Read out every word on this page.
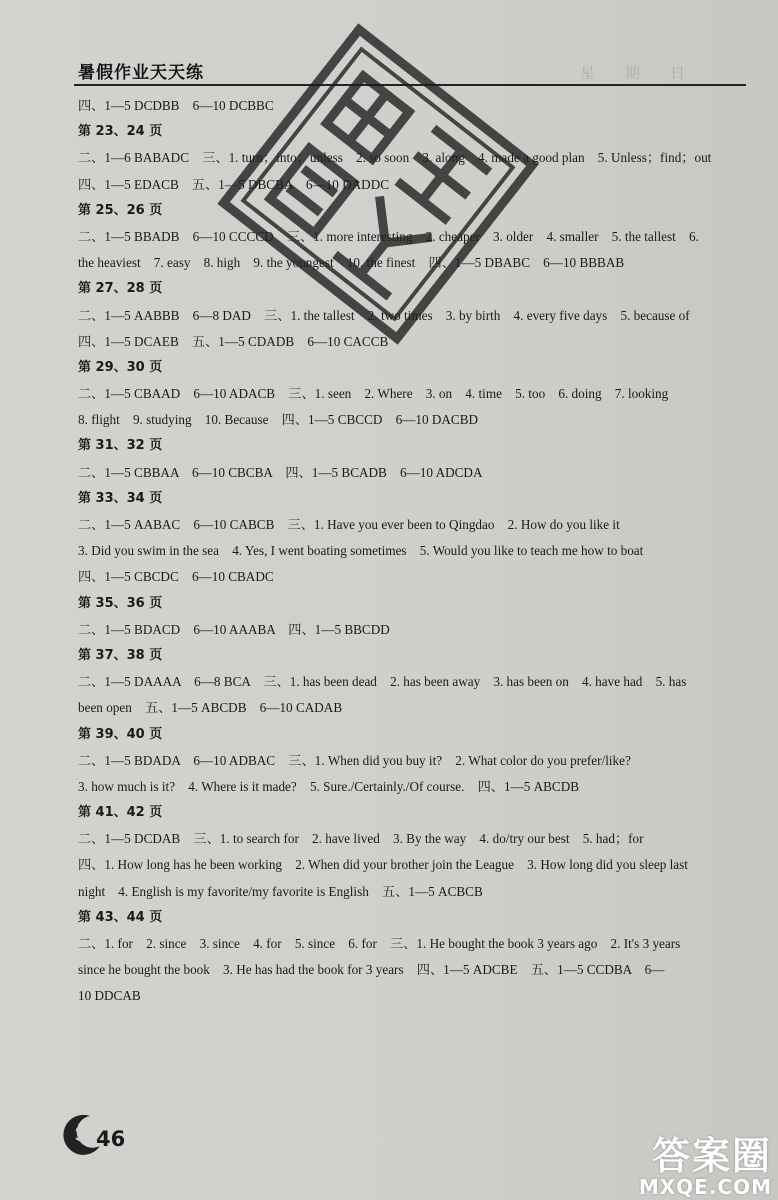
星　　期　　日
暑假作业天天练
四、1—5 DCDBB　6—10 DCBBC
第 23、24 页
二、1—6 BABADC　三、1. turn；into；unless　2. so soon　3. along　4. made a good plan　5. Unless；find；out
四、1—5 EDACB　五、1—5 DBCBA　6—10 DADDC
第 25、26 页
二、1—5 BBADB　6—10 CCCCD　三、1. more interesting　2. cheaper　3. older　4. smaller　5. the tallest　6.
the heaviest　7. easy　8. high　9. the youngest　10. the finest　四、1—5 DBABC　6—10 BBBAB
第 27、28 页
二、1—5 AABBB　6—8 DAD　三、1. the tallest　2. two times　3. by birth　4. every five days　5. because of
四、1—5 DCAEB　五、1—5 CDADB　6—10 CACCB
第 29、30 页
二、1—5 CBAAD　6—10 ADACB　三、1. seen　2. Where　3. on　4. time　5. too　6. doing　7. looking
8. flight　9. studying　10. Because　四、1—5 CBCCD　6—10 DACBD
第 31、32 页
二、1—5 CBBAA　6—10 CBCBA　四、1—5 BCADB　6—10 ADCDA
第 33、34 页
二、1—5 AABAC　6—10 CABCB　三、1. Have you ever been to Qingdao　2. How do you like it
3. Did you swim in the sea　4. Yes, I went boating sometimes　5. Would you like to teach me how to boat
四、1—5 CBCDC　6—10 CBADC
第 35、36 页
二、1—5 BDACD　6—10 AAABA　四、1—5 BBCDD
第 37、38 页
二、1—5 DAAAA　6—8 BCA　三、1. has been dead　2. has been away　3. has been on　4. have had　5. has
been open　五、1—5 ABCDB　6—10 CADAB
第 39、40 页
二、1—5 BDADA　6—10 ADBAC　三、1. When did you buy it?　2. What color do you prefer/like?
3. how much is it?　4. Where is it made?　5. Sure./Certainly./Of course.　四、1—5 ABCDB
第 41、42 页
二、1—5 DCDAB　三、1. to search for　2. have lived　3. By the way　4. do/try our best　5. had；for
四、1. How long has he been working　2. When did your brother join the League　3. How long did you sleep last
night　4. English is my favorite/my favorite is English　五、1—5 ACBCB
第 43、44 页
二、1. for　2. since　3. since　4. for　5. since　6. for　三、1. He bought the book 3 years ago　2. It's 3 years
since he bought the book　3. He has had the book for 3 years　四、1—5 ADCBE　五、1—5 CCDBA　6—
10 DDCAB
46	答案圈
MXQE.COM
